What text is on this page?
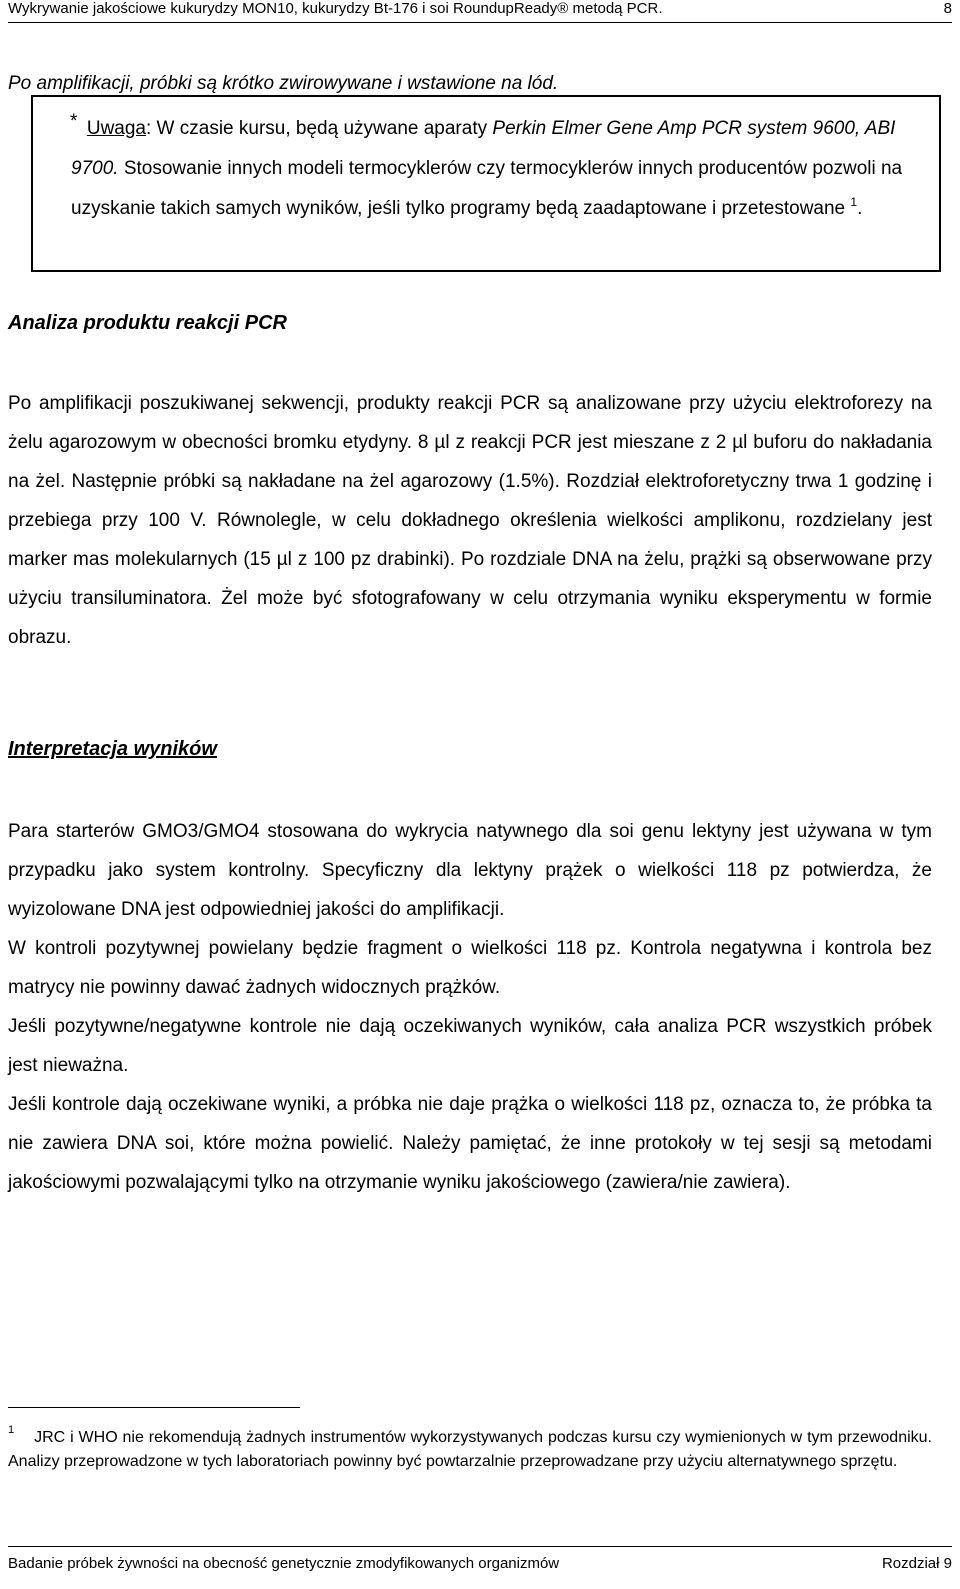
Wykrywanie jakościowe kukurydzy MON10, kukurydzy Bt-176 i soi RoundupReady® metodą PCR.	8
Po amplifikacji, próbki są krótko zwirowywane i wstawione na lód.
* Uwaga: W czasie kursu, będą używane aparaty Perkin Elmer Gene Amp PCR system 9600, ABI 9700. Stosowanie innych modeli termocyklerów czy termocyklerów innych producentów pozwoli na uzyskanie takich samych wyników, jeśli tylko programy będą zaadaptowane i przetestowane $^1$.
Analiza produktu reakcji PCR
Po amplifikacji poszukiwanej sekwencji, produkty reakcji PCR są analizowane przy użyciu elektroforezy na żelu agarozowym w obecności bromku etydyny. 8 µl z reakcji PCR jest mieszane z 2 µl buforu do nakładania na żel. Następnie próbki są nakładane na żel agarozowy (1.5%). Rozdział elektroforetyczny trwa 1 godzinę i przebiega przy 100 V. Równolegle, w celu dokładnego określenia wielkości amplikonu, rozdzielany jest marker mas molekularnych (15 µl z 100 pz drabinki). Po rozdziale DNA na żelu, prążki są obserwowane przy użyciu transiluminatora. Żel może być sfotografowany w celu otrzymania wyniku eksperymentu w formie obrazu.
Interpretacja wyników
Para starterów GMO3/GMO4 stosowana do wykrycia natywnego dla soi genu lektyny jest używana w tym przypadku jako system kontrolny. Specyficzny dla lektyny prążek o wielkości 118 pz potwierdza, że wyizolowane DNA jest odpowiedniej jakości do amplifikacji.
W kontroli pozytywnej powielany będzie fragment o wielkości 118 pz. Kontrola negatywna i kontrola bez matrycy nie powinny dawać żadnych widocznych prążków.
Jeśli pozytywne/negatywne kontrole nie dają oczekiwanych wyników, cała analiza PCR wszystkich próbek jest nieważna.
Jeśli kontrole dają oczekiwane wyniki, a próbka nie daje prążka o wielkości 118 pz, oznacza to, że próbka ta nie zawiera DNA soi, które można powielić. Należy pamiętać, że inne protokoły w tej sesji są metodami jakościowymi pozwalającymi tylko na otrzymanie wyniku jakościowego (zawiera/nie zawiera).
$^1$ JRC i WHO nie rekomendują żadnych instrumentów wykorzystywanych podczas kursu czy wymienionych w tym przewodniku. Analizy przeprowadzone w tych laboratoriach powinny być powtarzalnie przeprowadzane przy użyciu alternatywnego sprzętu.
Badanie próbek żywności na obecność genetycznie zmodyfikowanych organizmów	Rozdział 9
